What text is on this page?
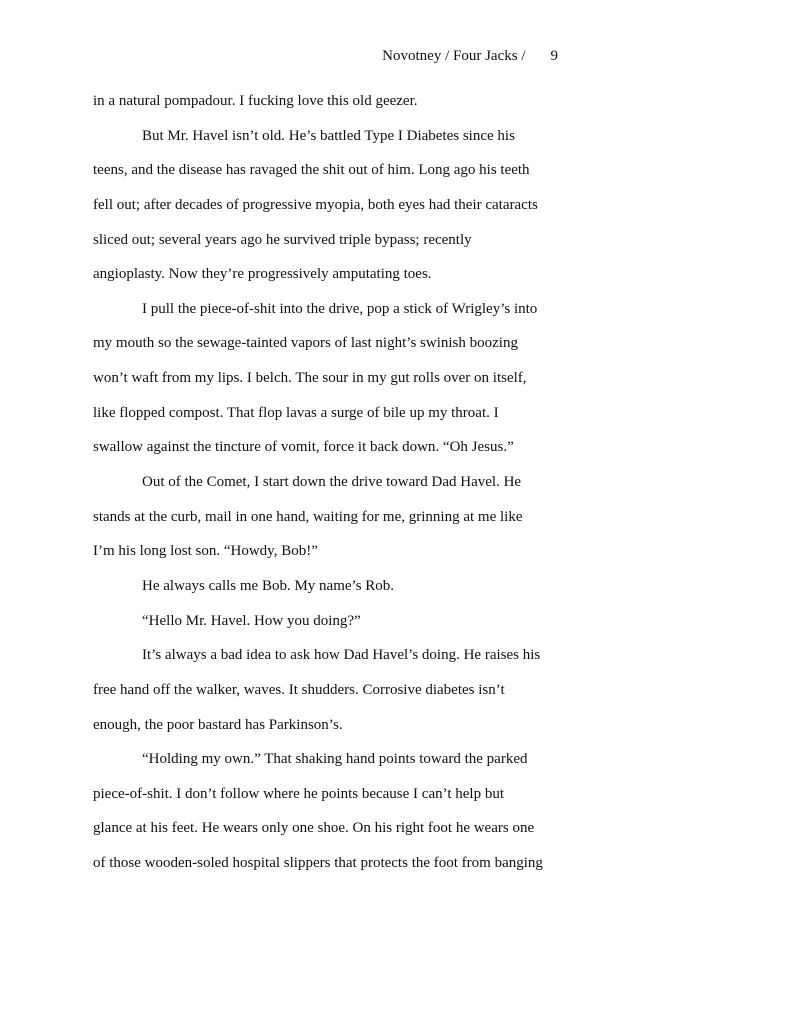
Novotney / Four Jacks / 9
in a natural pompadour. I fucking love this old geezer.
But Mr. Havel isn’t old. He’s battled Type I Diabetes since his
teens, and the disease has ravaged the shit out of him. Long ago his teeth
fell out; after decades of progressive myopia, both eyes had their cataracts
sliced out; several years ago he survived triple bypass; recently
angioplasty. Now they’re progressively amputating toes.
I pull the piece-of-shit into the drive, pop a stick of Wrigley’s into
my mouth so the sewage-tainted vapors of last night’s swinish boozing
won’t waft from my lips. I belch. The sour in my gut rolls over on itself,
like flopped compost. That flop lavas a surge of bile up my throat. I
swallow against the tincture of vomit, force it back down. “Oh Jesus.”
Out of the Comet, I start down the drive toward Dad Havel. He
stands at the curb, mail in one hand, waiting for me, grinning at me like
I’m his long lost son. “Howdy, Bob!”
He always calls me Bob. My name’s Rob.
“Hello Mr. Havel. How you doing?”
It’s always a bad idea to ask how Dad Havel’s doing. He raises his
free hand off the walker, waves. It shudders. Corrosive diabetes isn’t
enough, the poor bastard has Parkinson’s.
“Holding my own.” That shaking hand points toward the parked
piece-of-shit. I don’t follow where he points because I can’t help but
glance at his feet. He wears only one shoe. On his right foot he wears one
of those wooden-soled hospital slippers that protects the foot from banging
